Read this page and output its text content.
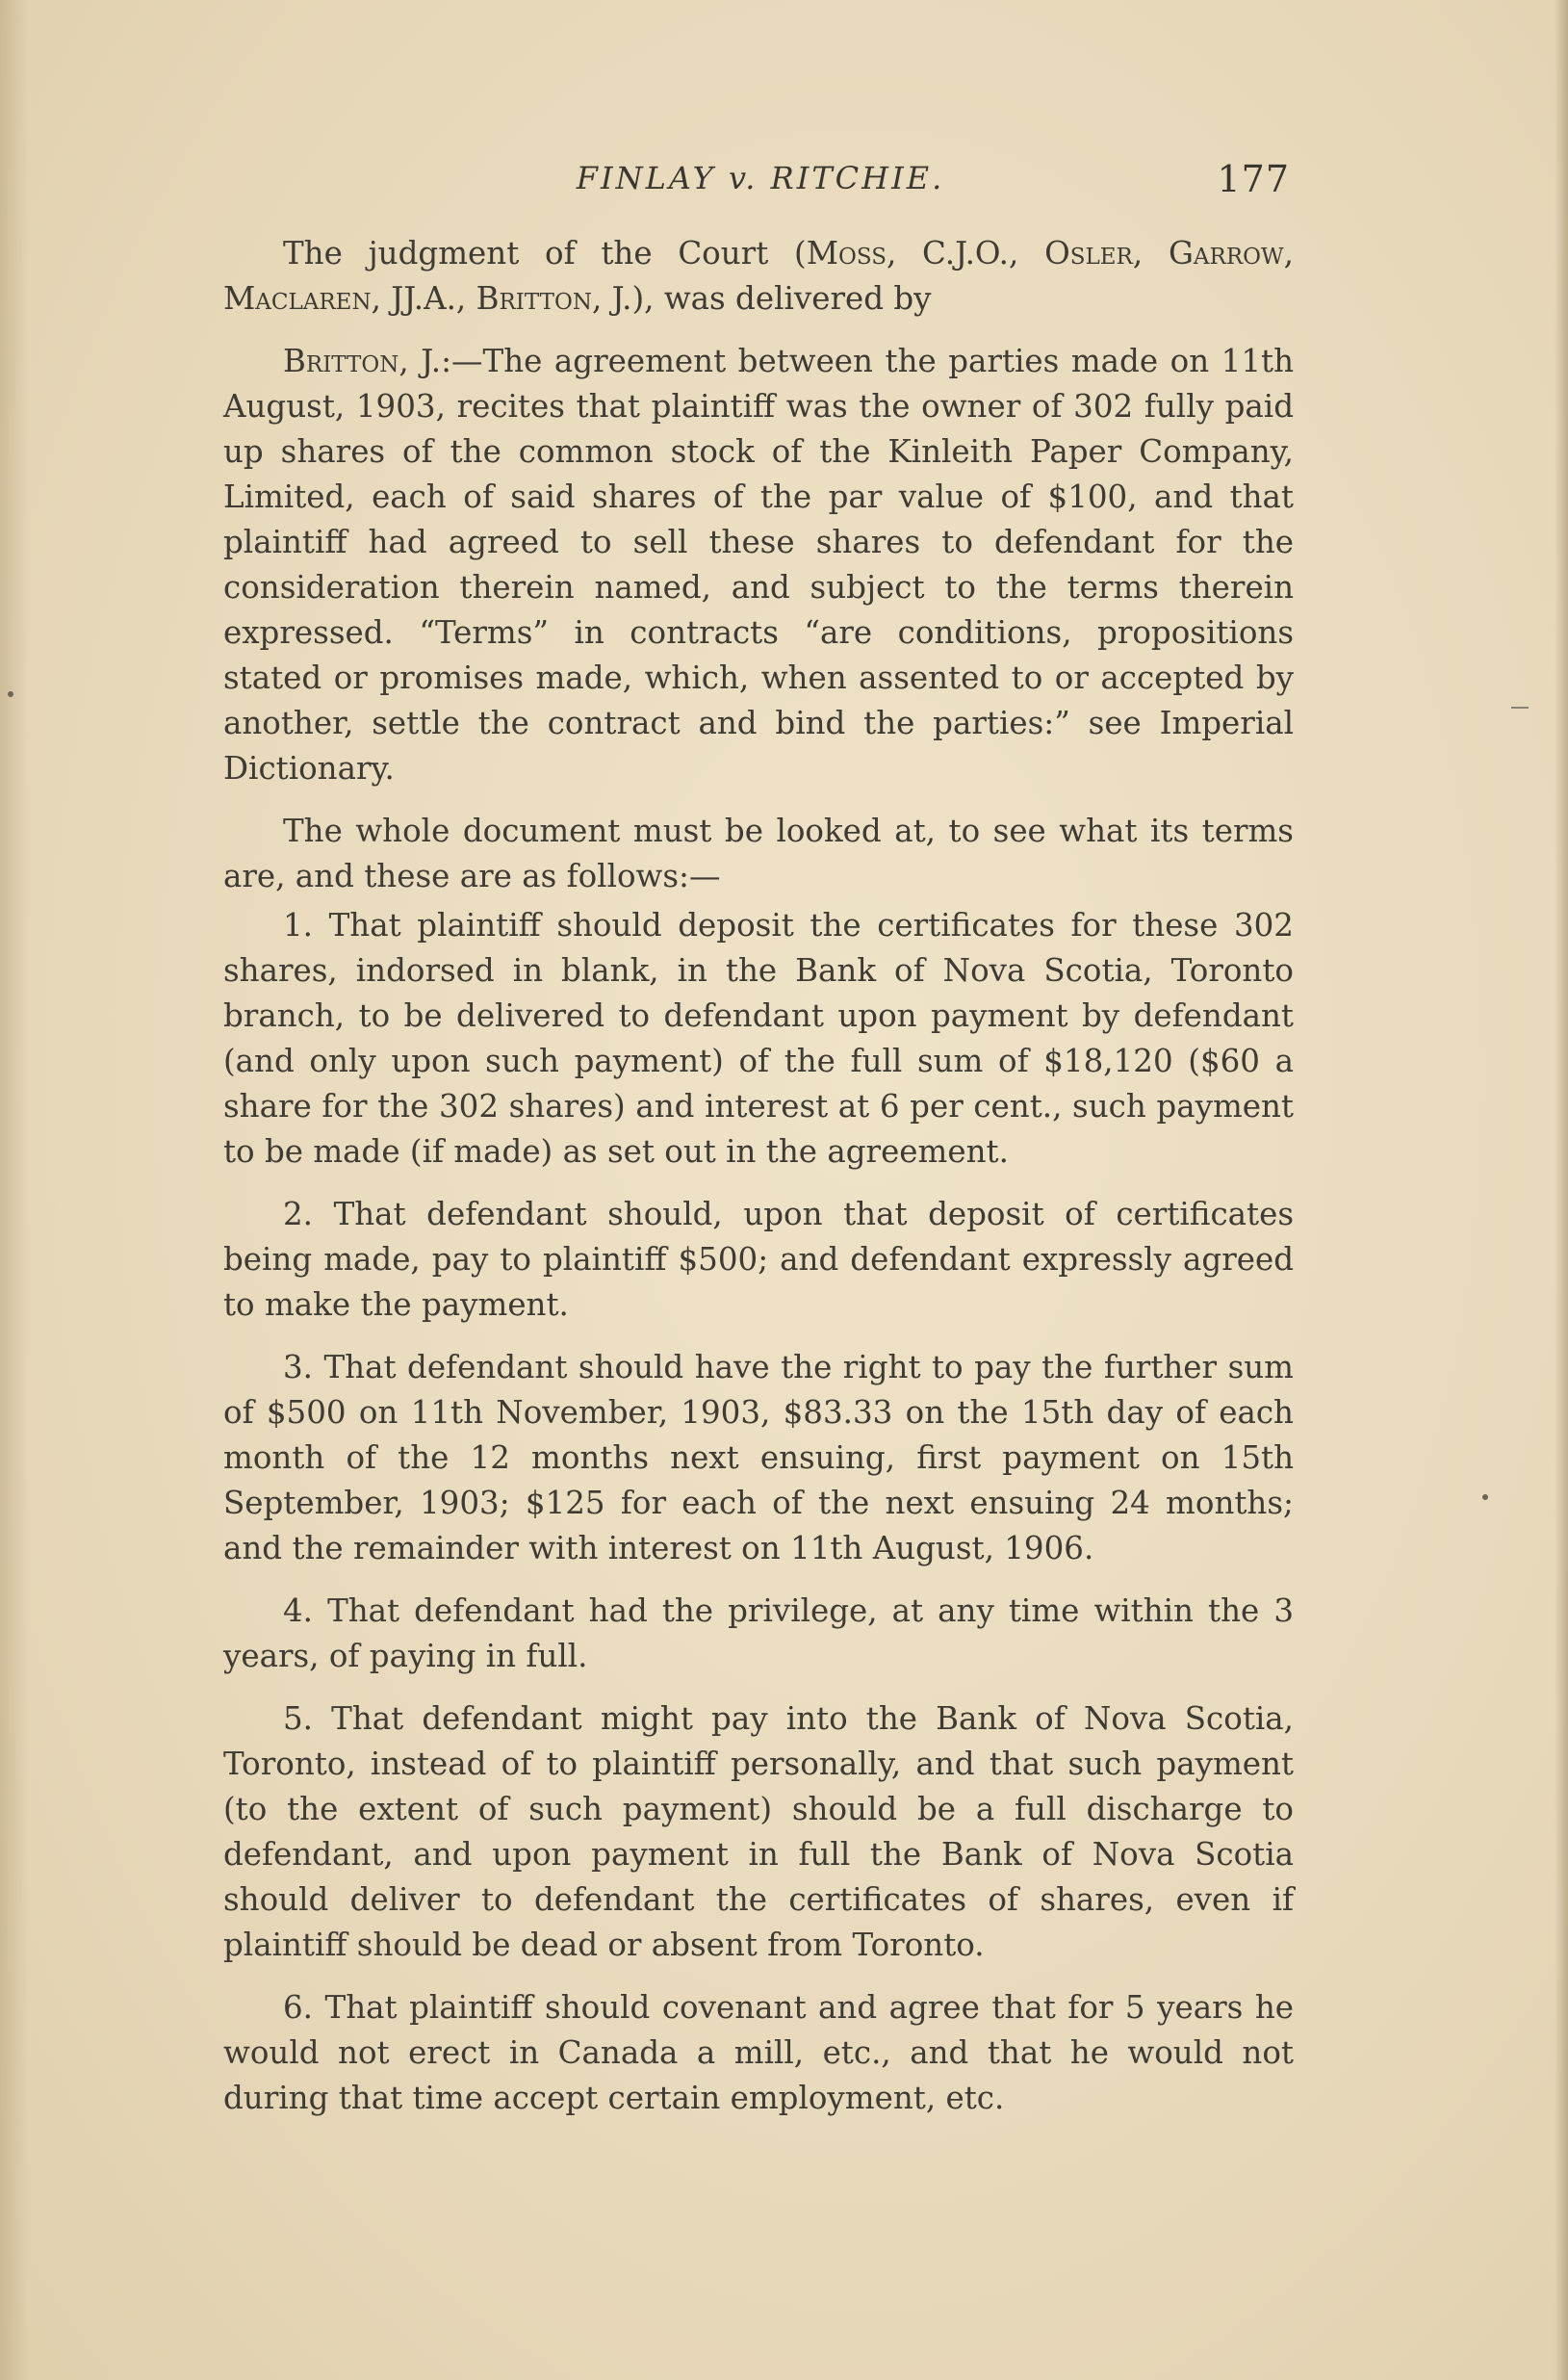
FINLAY v. RITCHIE.	177

The judgment of the Court (Moss, C.J.O., Osler, Garrow, Maclaren, JJ.A., Britton, J.), was delivered by

Britton, J.:—The agreement between the parties made on 11th August, 1903, recites that plaintiff was the owner of 302 fully paid up shares of the common stock of the Kinleith Paper Company, Limited, each of said shares of the par value of $100, and that plaintiff had agreed to sell these shares to defendant for the consideration therein named, and subject to the terms therein expressed. “Terms” in contracts “are conditions, propositions stated or promises made, which, when assented to or accepted by another, settle the contract and bind the parties:” see Imperial Dictionary.

The whole document must be looked at, to see what its terms are, and these are as follows:—

1. That plaintiff should deposit the certificates for these 302 shares, indorsed in blank, in the Bank of Nova Scotia, Toronto branch, to be delivered to defendant upon payment by defendant (and only upon such payment) of the full sum of $18,120 ($60 a share for the 302 shares) and interest at 6 per cent., such payment to be made (if made) as set out in the agreement.

2. That defendant should, upon that deposit of certificates being made, pay to plaintiff $500; and defendant expressly agreed to make the payment.

3. That defendant should have the right to pay the further sum of $500 on 11th November, 1903, $83.33 on the 15th day of each month of the 12 months next ensuing, first payment on 15th September, 1903; $125 for each of the next ensuing 24 months; and the remainder with interest on 11th August, 1906.

4. That defendant had the privilege, at any time within the 3 years, of paying in full.

5. That defendant might pay into the Bank of Nova Scotia, Toronto, instead of to plaintiff personally, and that such payment (to the extent of such payment) should be a full discharge to defendant, and upon payment in full the Bank of Nova Scotia should deliver to defendant the certificates of shares, even if plaintiff should be dead or absent from Toronto.

6. That plaintiff should covenant and agree that for 5 years he would not erect in Canada a mill, etc., and that he would not during that time accept certain employment, etc.
